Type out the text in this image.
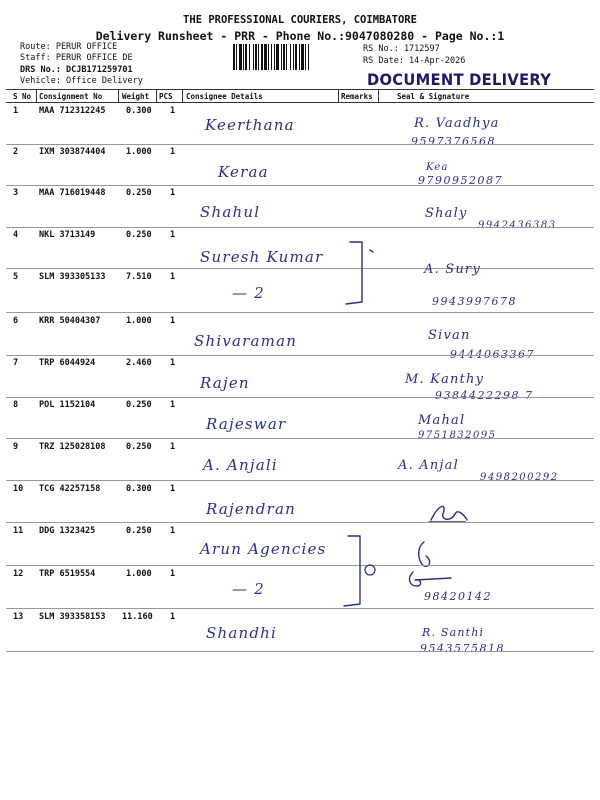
THE PROFESSIONAL COURIERS, COIMBATORE
Delivery Runsheet - PRR - Phone No.:9047080280 - Page No.:1
Route: PERUR OFFICE
Staff: PERUR OFFICE DE
DRS No.: DCJB171259701
Vehicle: Office Delivery
RS No.: 1712597
RS Date: 14-Apr-2026
DOCUMENT DELIVERY
S No Consignment No	Weight PCS Consignee Details	Remarks	Seal & Signature
1 MAA 712312245 0.300 1
Keerthana	R. Vaadhya
9597376568
2 IXM 303874404 1.000 1
Keraa	Kea
9790952087
3 MAA 716019448 0.250 1
Shahul	Shaly
9942436383
4 NKL 3713149	0.250 1
Suresh Kumar
5 SLM 393305133 7.510 1
— 2
A. Sury
9943997678
6 KRR 50404307	1.000 1
Shivaraman	Sivan
9444063367
7 TRP 6044924	2.460 1
Rajen	M. Kanthy
9384422298 7
8 POL 1152104	0.250 1
Rajeswar	Mahal
9751832095
9 TRZ 125028108 0.250 1
A. Anjali	A. Anjal
9498200292
10 TCG 42257158	0.300 1
Rajendran
11 DDG 1323425	0.250 1
Arun Agencies
12 TRP 6519554	1.000 1
— 2	98420142
13 SLM 393358153 11.160 1
Shandhi	R. Santhi
9543575818
